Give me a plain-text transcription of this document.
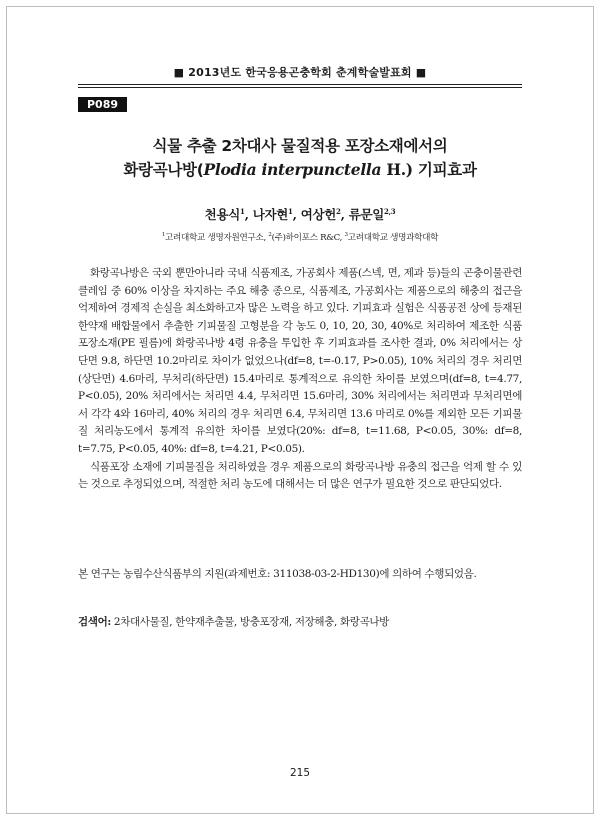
■ 2013년도 한국응용곤충학회 춘계학술발표회 ■
P089
식물 추출 2차대사 물질적용 포장소재에서의
화랑곡나방(Plodia interpunctella H.) 기피효과
천용식$^1$, 나자현$^1$, 여상헌$^2$, 류문일$^{2,3}$
$^1$고려대학교 생명자원연구소, $^2$(주)하이포스 R&C, $^3$고려대학교 생명과학대학

화랑곡나방은 국외 뿐만아니라 국내 식품제조, 가공회사 제품(스넥, 면, 제과 등)들의 곤충이물관련 클레임 중 60% 이상을 차지하는 주요 해충 종으로, 식품제조, 가공회사는 제품으로의 해충의 접근을 억제하여 경제적 손실을 최소화하고자 많은 노력을 하고 있다. 기피효과 실험은 식품공전 상에 등재된 한약재 배합물에서 추출한 기피물질 고형분을 각 농도 0, 10, 20, 30, 40%로 처리하여 제조한 식품 포장소재(PE 필름)에 화랑곡나방 4령 유충을 투입한 후 기피효과를 조사한 결과, 0% 처리에서는 상단면 9.8, 하단면 10.2마리로 차이가 없었으나(df=8, t=-0.17, P>0.05), 10% 처리의 경우 처리면(상단면) 4.6마리, 무처리(하단면) 15.4마리로 통계적으로 유의한 차이를 보였으며(df=8, t=4.77, P<0.05), 20% 처리에서는 처리면 4.4, 무처리면 15.6마리, 30% 처리에서는 처리면과 무처리면에서 각각 4와 16마리, 40% 처리의 경우 처리면 6.4, 무처리면 13.6 마리로 0%를 제외한 모든 기피물질 처리농도에서 통계적 유의한 차이를 보였다(20%: df=8, t=11.68, P<0.05, 30%: df=8, t=7.75, P<0.05, 40%: df=8, t=4.21, P<0.05).

식품포장 소재에 기피물질을 처리하였을 경우 제품으로의 화랑곡나방 유충의 접근을 억제 할 수 있는 것으로 추정되었으며, 적절한 처리 농도에 대해서는 더 많은 연구가 필요한 것으로 판단되었다.

본 연구는 농림수산식품부의 지원(과제번호: 311038-03-2-HD130)에 의하여 수행되었음.

검색어: 2차대사물질, 한약재추출물, 방충포장재, 저장해충, 화랑곡나방

215
